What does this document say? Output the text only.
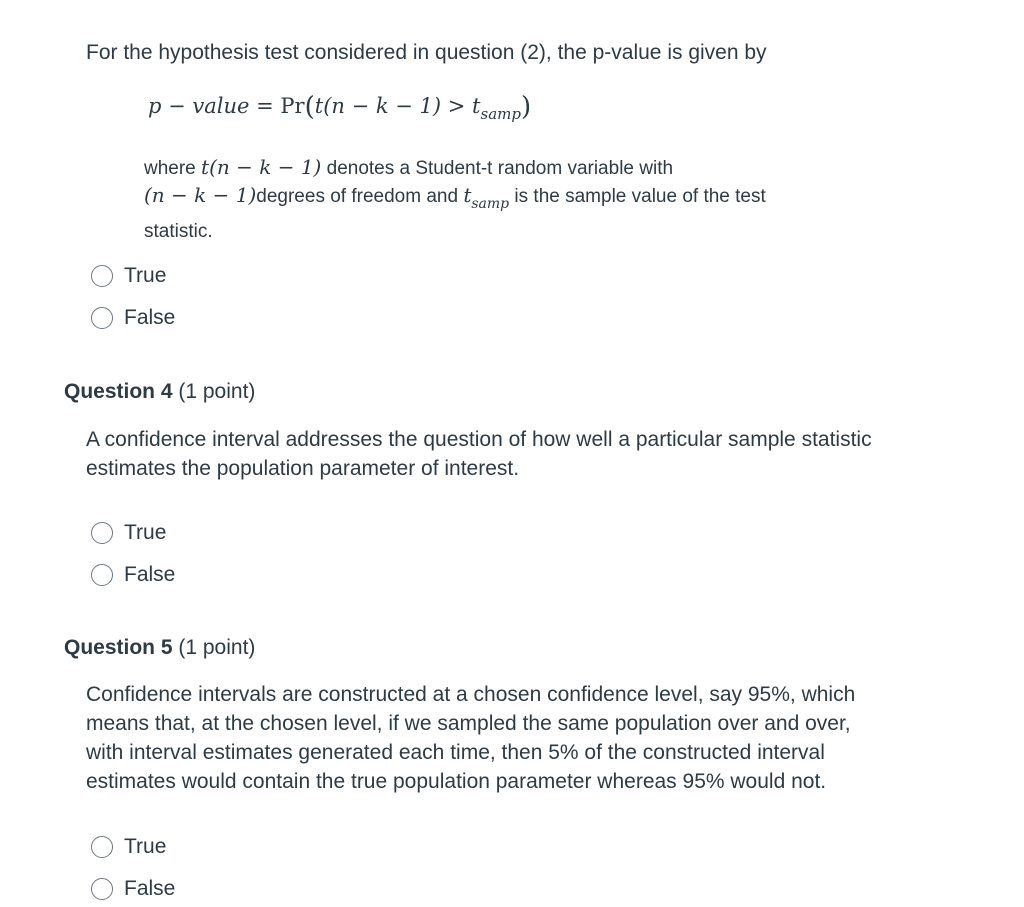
For the hypothesis test considered in question (2), the p-value is given by
p − value = $Pr(t(n - k - 1) > t_{samp})$
where t(n − k − 1) denotes a Student-t random variable with
(n − k − 1)degrees of freedom and $t_{samp}$ is the sample value of the test
statistic.
True
False
Question 4 (1 point)
A confidence interval addresses the question of how well a particular sample statistic
estimates the population parameter of interest.
True
False
Question 5 (1 point)
Confidence intervals are constructed at a chosen confidence level, say 95%, which
means that, at the chosen level, if we sampled the same population over and over,
with interval estimates generated each time, then 5% of the constructed interval
estimates would contain the true population parameter whereas 95% would not.
True
False
